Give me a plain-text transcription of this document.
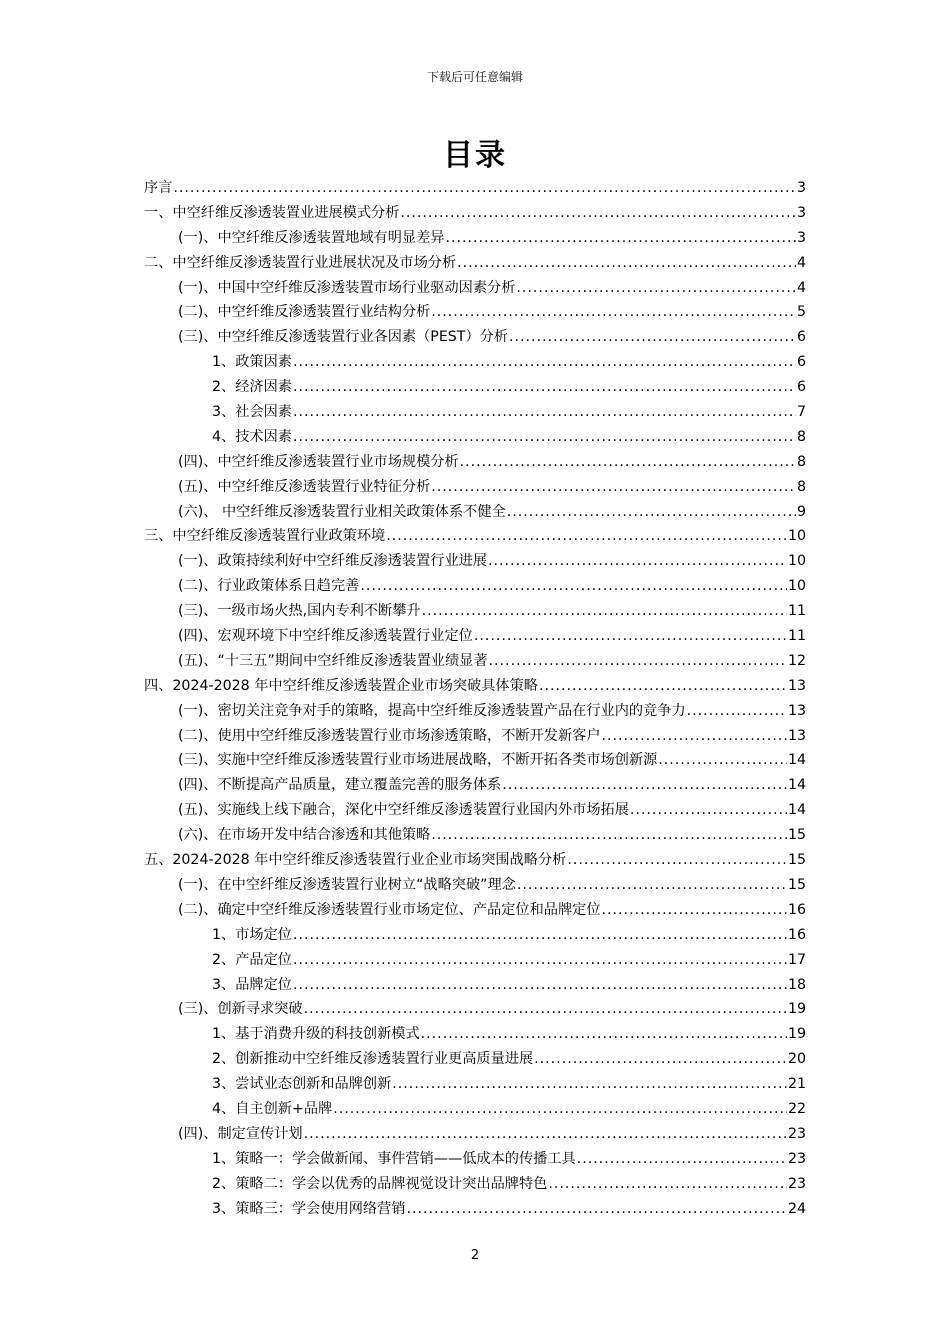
下载后可任意编辑
目录
序言 .....	3
一、中空纤维反渗透装置业进展模式分析 .....	3
(一)、中空纤维反渗透装置地域有明显差异 .....	3
二、中空纤维反渗透装置行业进展状况及市场分析 .....	4
(一)、中国中空纤维反渗透装置市场行业驱动因素分析 .....	4
(二)、中空纤维反渗透装置行业结构分析 .....	5
(三)、中空纤维反渗透装置行业各因素（PEST）分析 .....	6
1、政策因素 .....	6
2、经济因素 .....	6
3、社会因素 .....	7
4、技术因素 .....	8
(四)、中空纤维反渗透装置行业市场规模分析 .....	8
(五)、中空纤维反渗透装置行业特征分析 .....	8
(六)、 中空纤维反渗透装置行业相关政策体系不健全 .....	9
三、中空纤维反渗透装置行业政策环境 .....	10
(一)、政策持续利好中空纤维反渗透装置行业进展 .....	10
(二)、行业政策体系日趋完善 .....	10
(三)、一级市场火热,国内专利不断攀升 .....	11
(四)、宏观环境下中空纤维反渗透装置行业定位 .....	11
(五)、“十三五”期间中空纤维反渗透装置业绩显著 .....	12
四、2024-2028 年中空纤维反渗透装置企业市场突破具体策略 .....	13
(一)、密切关注竞争对手的策略，提高中空纤维反渗透装置产品在行业内的竞争力 .....	13
(二)、使用中空纤维反渗透装置行业市场渗透策略，不断开发新客户 .....	13
(三)、实施中空纤维反渗透装置行业市场进展战略，不断开拓各类市场创新源 .....	14
(四)、不断提高产品质量，建立覆盖完善的服务体系 .....	14
(五)、实施线上线下融合，深化中空纤维反渗透装置行业国内外市场拓展 .....	14
(六)、在市场开发中结合渗透和其他策略 .....	15
五、2024-2028 年中空纤维反渗透装置行业企业市场突围战略分析 .....	15
(一)、在中空纤维反渗透装置行业树立“战略突破”理念 .....	15
(二)、确定中空纤维反渗透装置行业市场定位、产品定位和品牌定位 .....	16
1、市场定位 .....	16
2、产品定位 .....	17
3、品牌定位 .....	18
(三)、创新寻求突破 .....	19
1、基于消费升级的科技创新模式 .....	19
2、创新推动中空纤维反渗透装置行业更高质量进展 .....	20
3、尝试业态创新和品牌创新 .....	21
4、自主创新+品牌 .....	22
(四)、制定宣传计划 .....	23
1、策略一：学会做新闻、事件营销——低成本的传播工具 .....	23
2、策略二：学会以优秀的品牌视觉设计突出品牌特色 .....	23
3、策略三：学会使用网络营销 .....	24
2
